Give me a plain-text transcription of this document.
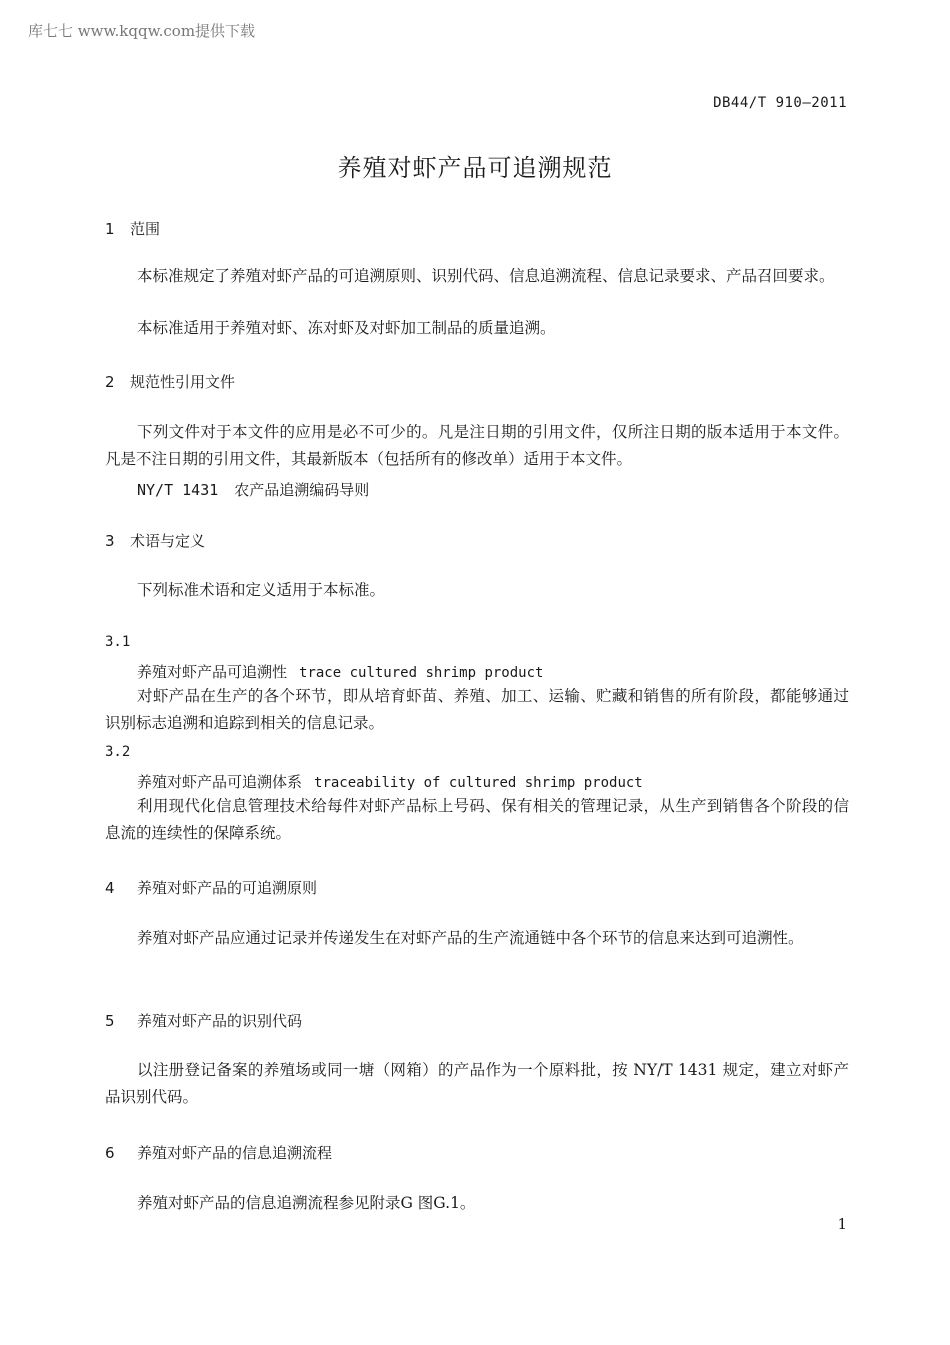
库七七 www.kqqw.com提供下载
DB44/T 910—2011
养殖对虾产品可追溯规范
1 范围
本标准规定了养殖对虾产品的可追溯原则、识别代码、信息追溯流程、信息记录要求、产品召回要求。
本标准适用于养殖对虾、冻对虾及对虾加工制品的质量追溯。
2 规范性引用文件
下列文件对于本文件的应用是必不可少的。凡是注日期的引用文件，仅所注日期的版本适用于本文件。凡是不注日期的引用文件，其最新版本（包括所有的修改单）适用于本文件。
NY/T 1431 农产品追溯编码导则
3 术语与定义
下列标准术语和定义适用于本标准。
3.1
养殖对虾产品可追溯性 trace cultured shrimp product
对虾产品在生产的各个环节，即从培育虾苗、养殖、加工、运输、贮藏和销售的所有阶段，都能够通过识别标志追溯和追踪到相关的信息记录。
3.2
养殖对虾产品可追溯体系 traceability of cultured shrimp product
利用现代化信息管理技术给每件对虾产品标上号码、保有相关的管理记录，从生产到销售各个阶段的信息流的连续性的保障系统。
4 养殖对虾产品的可追溯原则
养殖对虾产品应通过记录并传递发生在对虾产品的生产流通链中各个环节的信息来达到可追溯性。
5 养殖对虾产品的识别代码
以注册登记备案的养殖场或同一塘（网箱）的产品作为一个原料批，按 NY/T 1431 规定，建立对虾产品识别代码。
6 养殖对虾产品的信息追溯流程
养殖对虾产品的信息追溯流程参见附录G 图G.1。
1
